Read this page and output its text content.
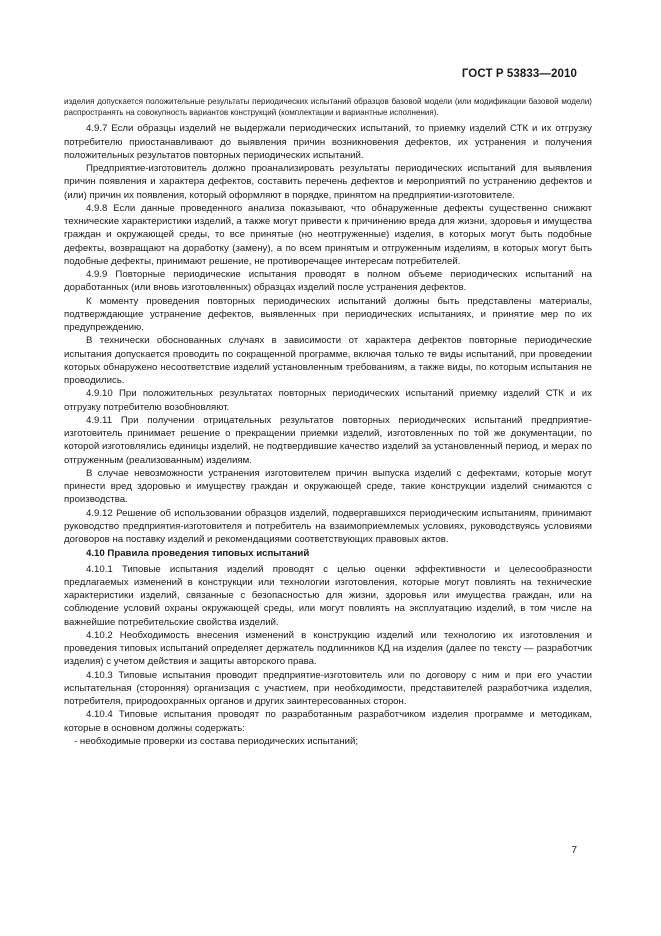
ГОСТ Р 53833—2010

изделия допускается положительные результаты периодических испытаний образцов базовой модели (или модификации базовой модели) распространять на совокупность вариантов конструкций (комплектации и вариантные исполнения).

4.9.7 Если образцы изделий не выдержали периодических испытаний, то приемку изделий СТК и их отгрузку потребителю приостанавливают до выявления причин возникновения дефектов, их устранения и получения положительных результатов повторных периодических испытаний.

Предприятие-изготовитель должно проанализировать результаты периодических испытаний для выявления причин появления и характера дефектов, составить перечень дефектов и мероприятий по устранению дефектов и (или) причин их появления, который оформляют в порядке, принятом на предприятии-изготовителе.

4.9.8 Если данные проведенного анализа показывают, что обнаруженные дефекты существенно снижают технические характеристики изделий, а также могут привести к причинению вреда для жизни, здоровья и имущества граждан и окружающей среды, то все принятые (но неотгруженные) изделия, в которых могут быть подобные дефекты, возвращают на доработку (замену), а по всем принятым и отгруженным изделиям, в которых могут быть подобные дефекты, принимают решение, не противоречащее интересам потребителей.

4.9.9 Повторные периодические испытания проводят в полном объеме периодических испытаний на доработанных (или вновь изготовленных) образцах изделий после устранения дефектов.

К моменту проведения повторных периодических испытаний должны быть представлены материалы, подтверждающие устранение дефектов, выявленных при периодических испытаниях, и принятие мер по их предупреждению.

В технически обоснованных случаях в зависимости от характера дефектов повторные периодические испытания допускается проводить по сокращенной программе, включая только те виды испытаний, при проведении которых обнаружено несоответствие изделий установленным требованиям, а также виды, по которым испытания не проводились.

4.9.10 При положительных результатах повторных периодических испытаний приемку изделий СТК и их отгрузку потребителю возобновляют.

4.9.11 При получении отрицательных результатов повторных периодических испытаний предприятие-изготовитель принимает решение о прекращении приемки изделий, изготовленных по той же документации, по которой изготовлялись единицы изделий, не подтвердившие качество изделий за установленный период, и мерах по отгруженным (реализованным) изделиям.

В случае невозможности устранения изготовителем причин выпуска изделий с дефектами, которые могут принести вред здоровью и имуществу граждан и окружающей среде, такие конструкции изделий снимаются с производства.

4.9.12 Решение об использовании образцов изделий, подвергавшихся периодическим испытаниям, принимают руководство предприятия-изготовителя и потребитель на взаимоприемлемых условиях, руководствуясь условиями договоров на поставку изделий и рекомендациями соответствующих правовых актов.

4.10 Правила проведения типовых испытаний

4.10.1 Типовые испытания изделий проводят с целью оценки эффективности и целесообразности предлагаемых изменений в конструкции или технологии изготовления, которые могут повлиять на технические характеристики изделий, связанные с безопасностью для жизни, здоровья или имущества граждан, или на соблюдение условий охраны окружающей среды, или могут повлиять на эксплуатацию изделий, в том числе на важнейшие потребительские свойства изделий.

4.10.2 Необходимость внесения изменений в конструкцию изделий или технологию их изготовления и проведения типовых испытаний определяет держатель подлинников КД на изделия (далее по тексту — разработчик изделия) с учетом действия и защиты авторского права.

4.10.3 Типовые испытания проводит предприятие-изготовитель или по договору с ним и при его участии испытательная (сторонняя) организация с участием, при необходимости, представителей разработчика изделия, потребителя, природоохранных органов и других заинтересованных сторон.

4.10.4 Типовые испытания проводят по разработанным разработчиком изделия программе и методикам, которые в основном должны содержать:

- необходимые проверки из состава периодических испытаний;

7
